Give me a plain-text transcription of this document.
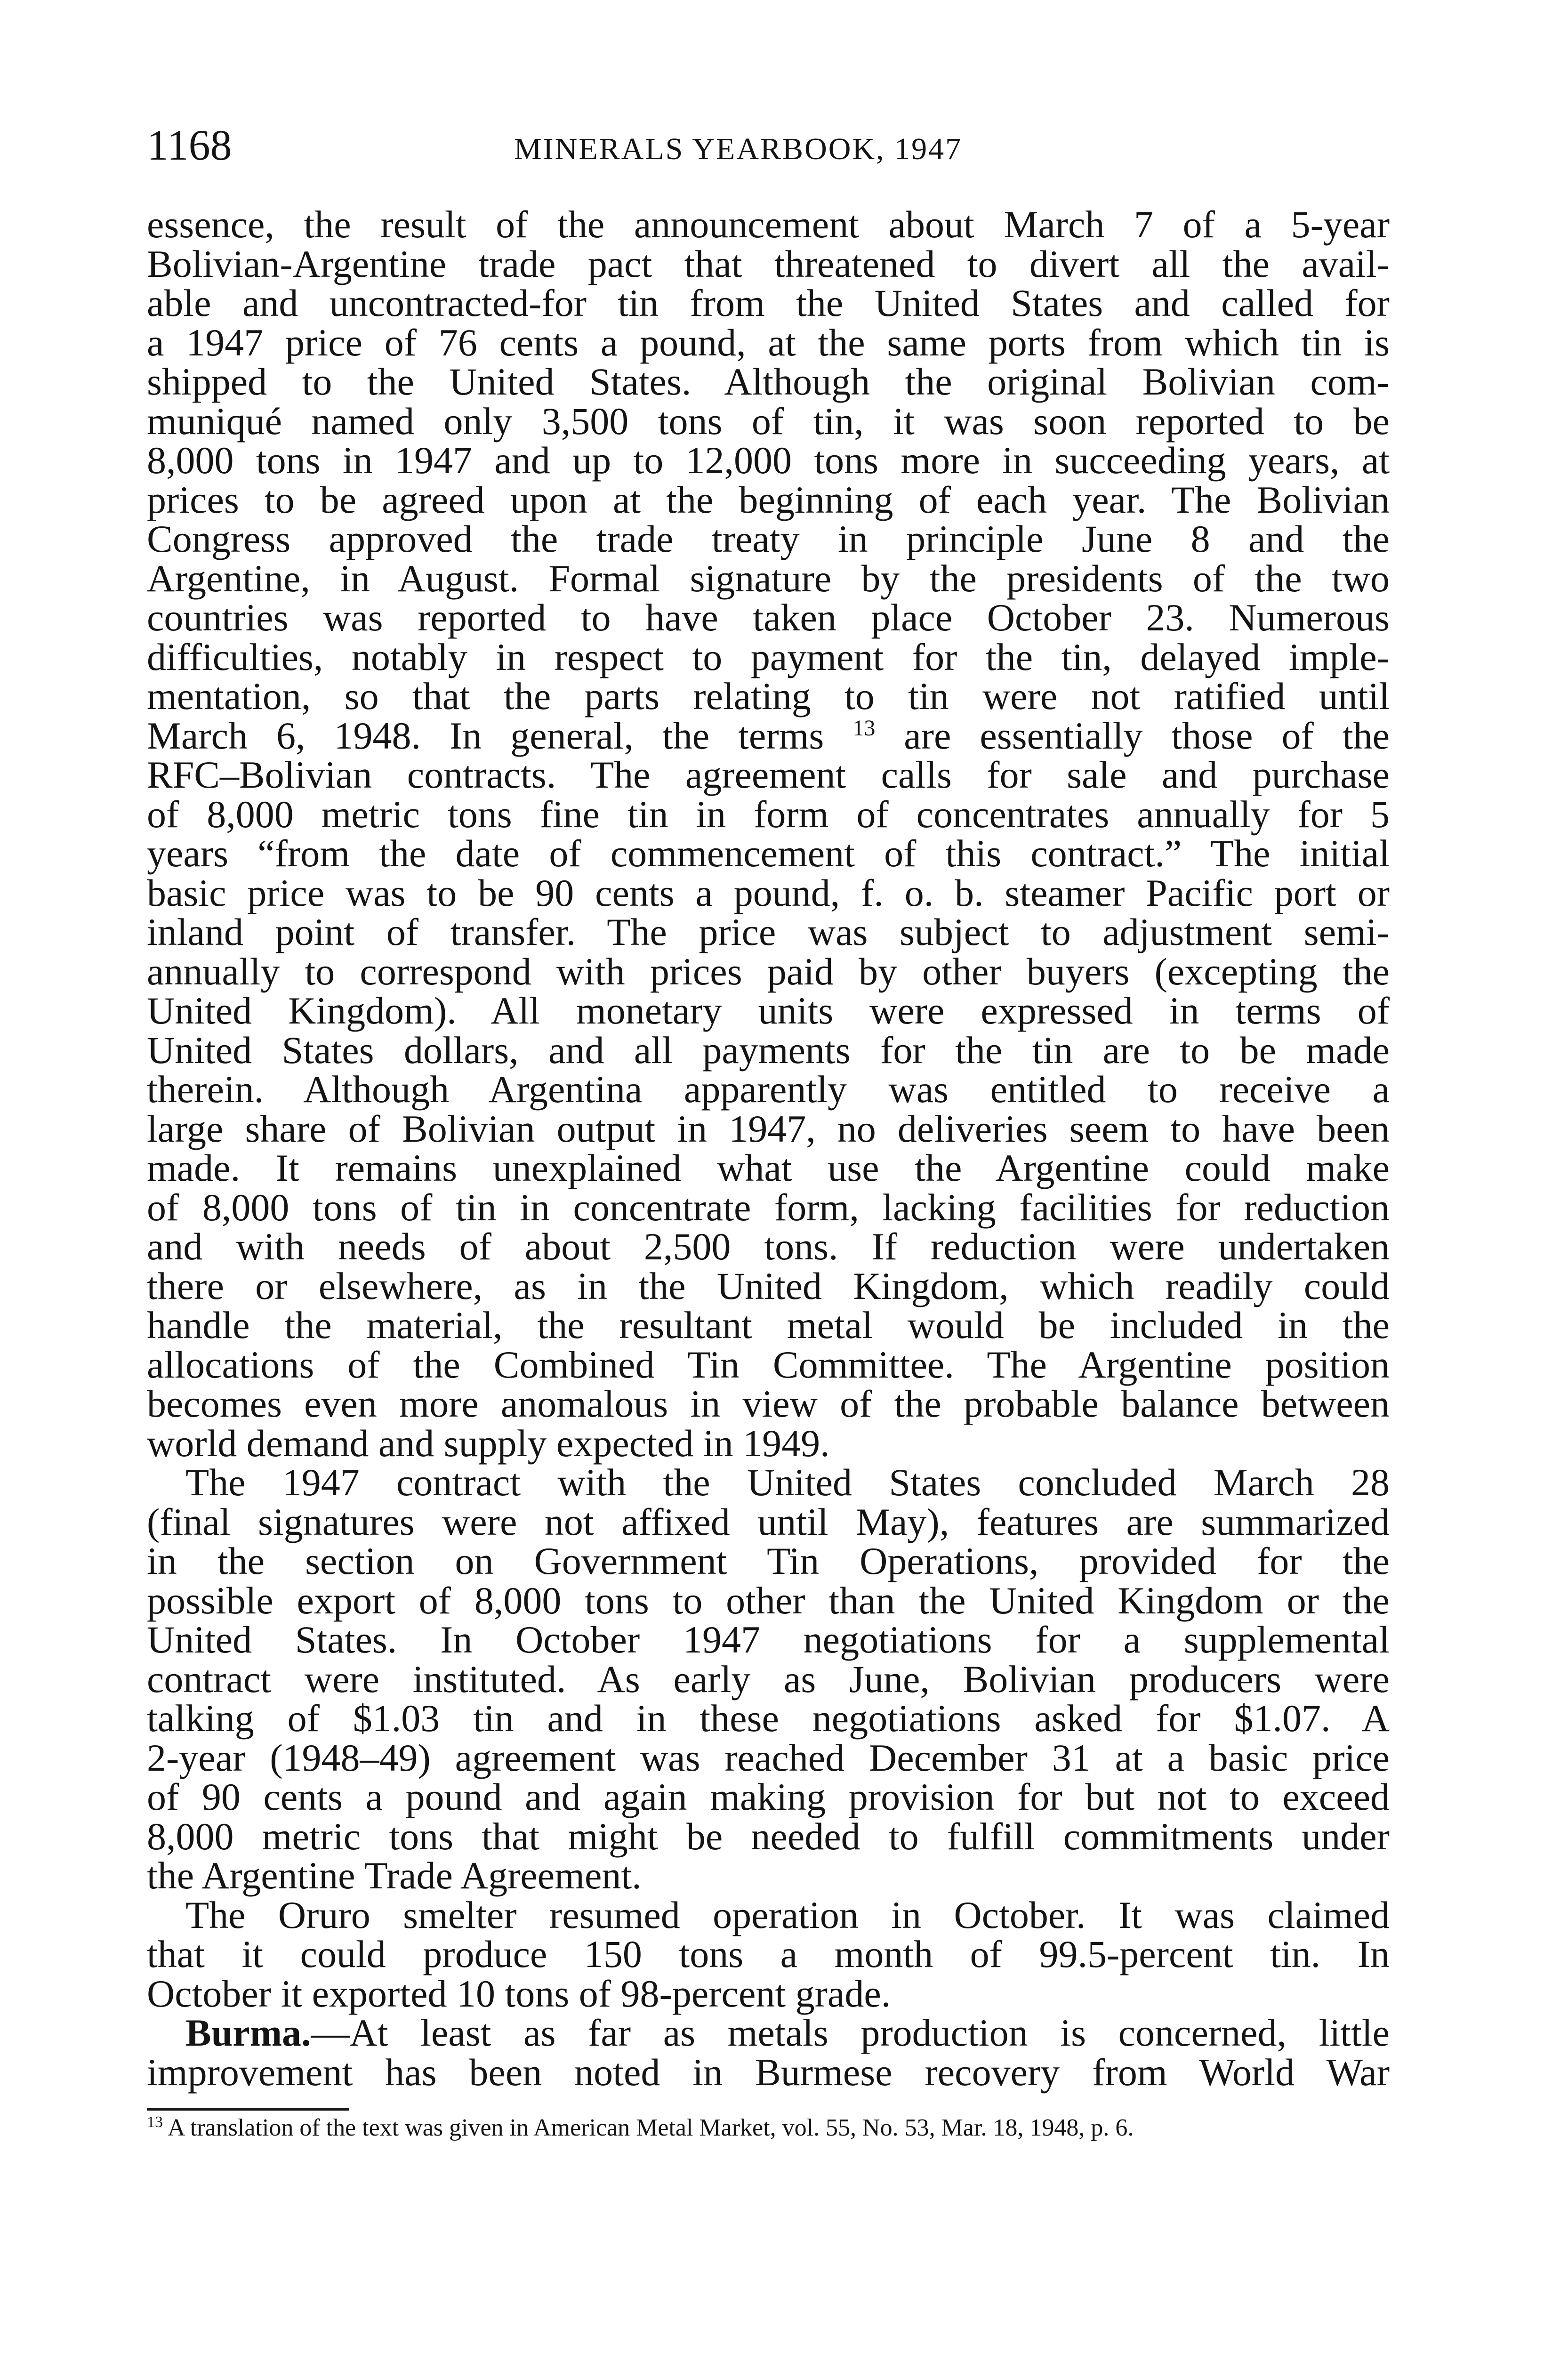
1168	MINERALS YEARBOOK, 1947

essence, the result of the announcement about March 7 of a 5-year
Bolivian-Argentine trade pact that threatened to divert all the avail-
able and uncontracted-for tin from the United States and called for
a 1947 price of 76 cents a pound, at the same ports from which tin is
shipped to the United States. Although the original Bolivian com-
muniqué named only 3,500 tons of tin, it was soon reported to be
8,000 tons in 1947 and up to 12,000 tons more in succeeding years, at
prices to be agreed upon at the beginning of each year. The Bolivian
Congress approved the trade treaty in principle June 8 and the
Argentine, in August. Formal signature by the presidents of the two
countries was reported to have taken place October 23. Numerous
difficulties, notably in respect to payment for the tin, delayed imple-
mentation, so that the parts relating to tin were not ratified until
March 6, 1948. In general, the terms $^{13}$ are essentially those of the
RFC–Bolivian contracts. The agreement calls for sale and purchase
of 8,000 metric tons fine tin in form of concentrates annually for 5
years “from the date of commencement of this contract.” The initial
basic price was to be 90 cents a pound, f. o. b. steamer Pacific port or
inland point of transfer. The price was subject to adjustment semi-
annually to correspond with prices paid by other buyers (excepting the
United Kingdom). All monetary units were expressed in terms of
United States dollars, and all payments for the tin are to be made
therein. Although Argentina apparently was entitled to receive a
large share of Bolivian output in 1947, no deliveries seem to have been
made. It remains unexplained what use the Argentine could make
of 8,000 tons of tin in concentrate form, lacking facilities for reduction
and with needs of about 2,500 tons. If reduction were undertaken
there or elsewhere, as in the United Kingdom, which readily could
handle the material, the resultant metal would be included in the
allocations of the Combined Tin Committee. The Argentine position
becomes even more anomalous in view of the probable balance between
world demand and supply expected in 1949.

The 1947 contract with the United States concluded March 28
(final signatures were not affixed until May), features are summarized
in the section on Government Tin Operations, provided for the
possible export of 8,000 tons to other than the United Kingdom or the
United States. In October 1947 negotiations for a supplemental
contract were instituted. As early as June, Bolivian producers were
talking of $1.03 tin and in these negotiations asked for $1.07. A
2-year (1948–49) agreement was reached December 31 at a basic price
of 90 cents a pound and again making provision for but not to exceed
8,000 metric tons that might be needed to fulfill commitments under
the Argentine Trade Agreement.

The Oruro smelter resumed operation in October. It was claimed
that it could produce 150 tons a month of 99.5-percent tin. In
October it exported 10 tons of 98-percent grade.

Burma.—At least as far as metals production is concerned, little
improvement has been noted in Burmese recovery from World War

$^{13}$ A translation of the text was given in American Metal Market, vol. 55, No. 53, Mar. 18, 1948, p. 6.
